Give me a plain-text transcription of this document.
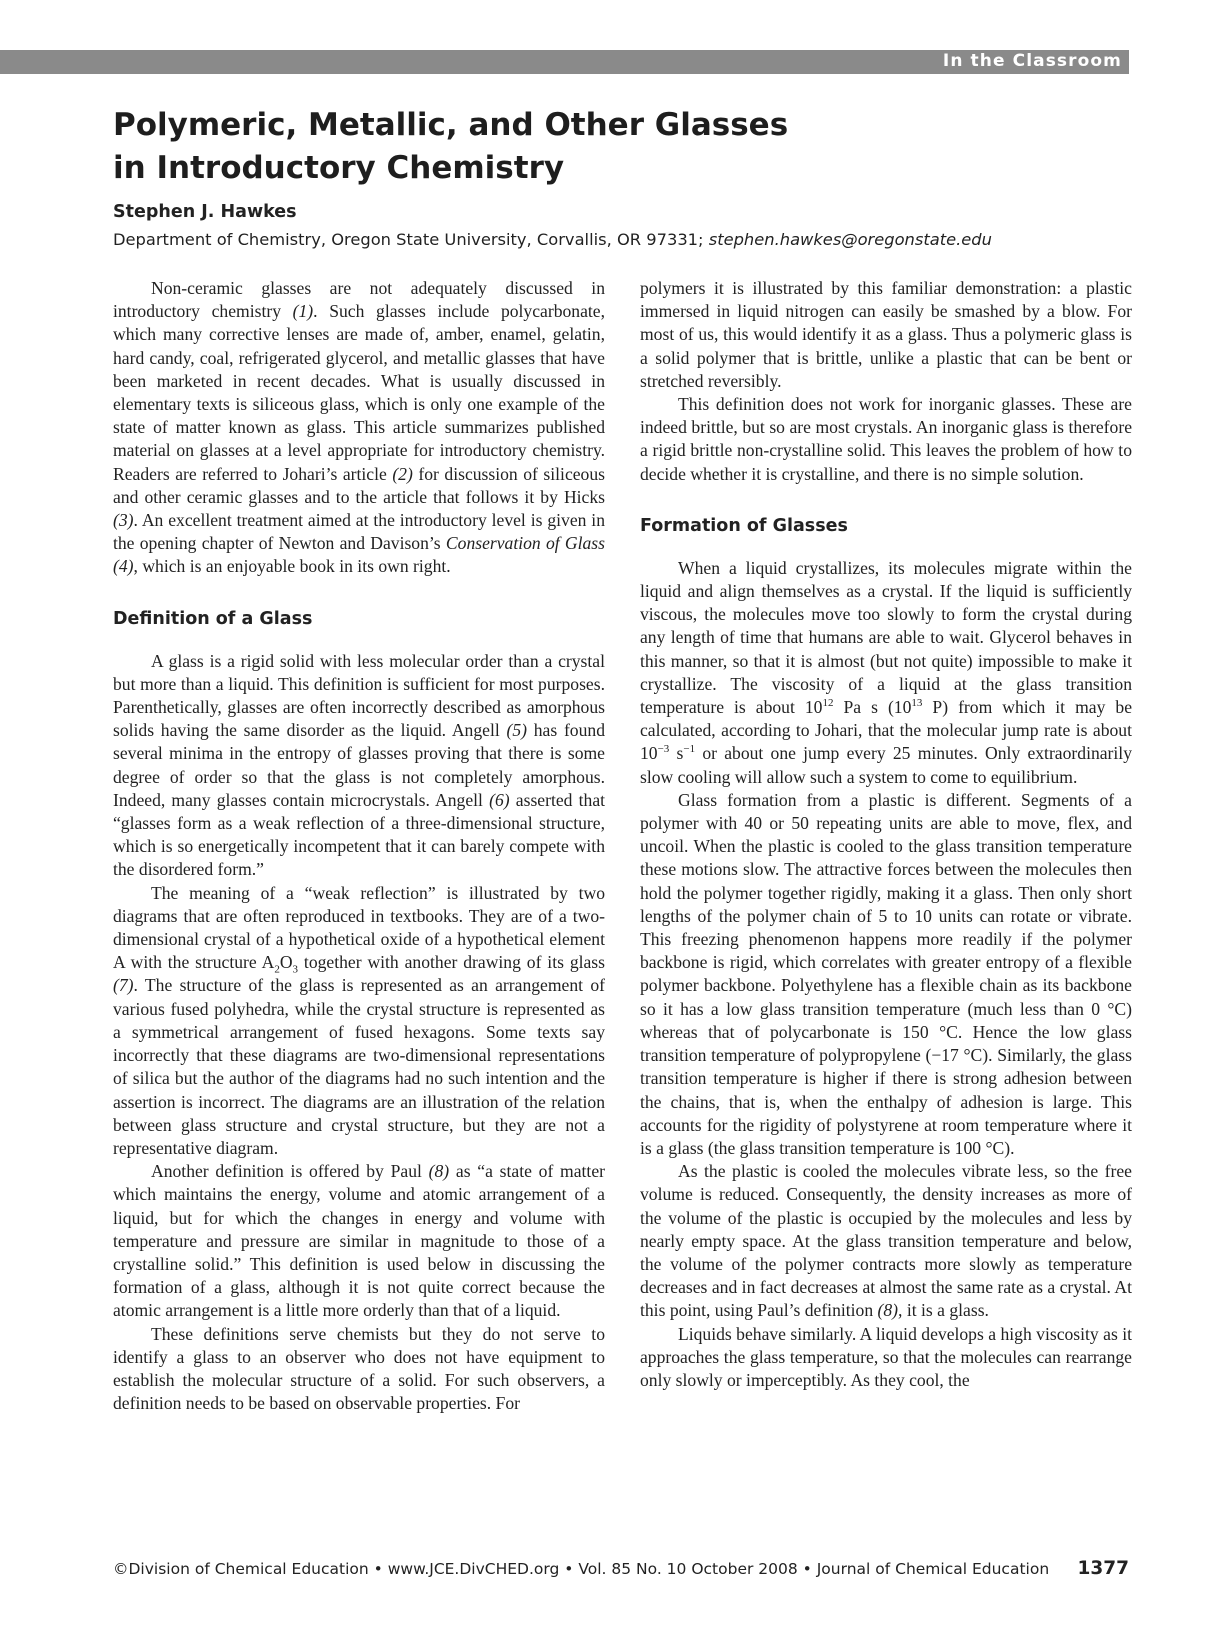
In the Classroom
Polymeric, Metallic, and Other Glasses
in Introductory Chemistry
Stephen J. Hawkes
Department of Chemistry, Oregon State University, Corvallis, OR 97331; stephen.hawkes@oregonstate.edu

Non-ceramic glasses are not adequately discussed in introductory chemistry (1). Such glasses include polycarbonate, which many corrective lenses are made of, amber, enamel, gelatin, hard candy, coal, refrigerated glycerol, and metallic glasses that have been marketed in recent decades. What is usually discussed in elementary texts is siliceous glass, which is only one example of the state of matter known as glass. This article summarizes published material on glasses at a level appropriate for introductory chemistry. Readers are referred to Johari’s article (2) for discussion of siliceous and other ceramic glasses and to the article that follows it by Hicks (3). An excellent treatment aimed at the introductory level is given in the opening chapter of Newton and Davison’s Conservation of Glass (4), which is an enjoyable book in its own right.

Definition of a Glass

A glass is a rigid solid with less molecular order than a crystal but more than a liquid. This definition is sufficient for most purposes. Parenthetically, glasses are often incorrectly described as amorphous solids having the same disorder as the liquid. Angell (5) has found several minima in the entropy of glasses proving that there is some degree of order so that the glass is not completely amorphous. Indeed, many glasses contain microcrystals. Angell (6) asserted that “glasses form as a weak reflection of a three-dimensional structure, which is so energetically incompetent that it can barely compete with the disordered form.”

The meaning of a “weak reflection” is illustrated by two diagrams that are often reproduced in textbooks. They are of a two-dimensional crystal of a hypothetical oxide of a hypothetical element A with the structure $A_2O_3$ together with another drawing of its glass (7). The structure of the glass is represented as an arrangement of various fused polyhedra, while the crystal structure is represented as a symmetrical arrangement of fused hexagons. Some texts say incorrectly that these diagrams are two-dimensional representations of silica but the author of the diagrams had no such intention and the assertion is incorrect. The diagrams are an illustration of the relation between glass structure and crystal structure, but they are not a representative diagram.

Another definition is offered by Paul (8) as “a state of matter which maintains the energy, volume and atomic arrangement of a liquid, but for which the changes in energy and volume with temperature and pressure are similar in magnitude to those of a crystalline solid.” This definition is used below in discussing the formation of a glass, although it is not quite correct because the atomic arrangement is a little more orderly than that of a liquid.

These definitions serve chemists but they do not serve to identify a glass to an observer who does not have equipment to establish the molecular structure of a solid. For such observers, a definition needs to be based on observable properties. For

polymers it is illustrated by this familiar demonstration: a plastic immersed in liquid nitrogen can easily be smashed by a blow. For most of us, this would identify it as a glass. Thus a polymeric glass is a solid polymer that is brittle, unlike a plastic that can be bent or stretched reversibly.

This definition does not work for inorganic glasses. These are indeed brittle, but so are most crystals. An inorganic glass is therefore a rigid brittle non-crystalline solid. This leaves the problem of how to decide whether it is crystalline, and there is no simple solution.

Formation of Glasses

When a liquid crystallizes, its molecules migrate within the liquid and align themselves as a crystal. If the liquid is sufficiently viscous, the molecules move too slowly to form the crystal during any length of time that humans are able to wait. Glycerol behaves in this manner, so that it is almost (but not quite) impossible to make it crystallize. The viscosity of a liquid at the glass transition temperature is about $10^{12}$ Pa s ($10^{13}$ P) from which it may be calculated, according to Johari, that the molecular jump rate is about $10^{-3}$ $s^{-1}$ or about one jump every 25 minutes. Only extraordinarily slow cooling will allow such a system to come to equilibrium.

Glass formation from a plastic is different. Segments of a polymer with 40 or 50 repeating units are able to move, flex, and uncoil. When the plastic is cooled to the glass transition temperature these motions slow. The attractive forces between the molecules then hold the polymer together rigidly, making it a glass. Then only short lengths of the polymer chain of 5 to 10 units can rotate or vibrate. This freezing phenomenon happens more readily if the polymer backbone is rigid, which correlates with greater entropy of a flexible polymer backbone. Polyethylene has a flexible chain as its backbone so it has a low glass transition temperature (much less than 0 °C) whereas that of polycarbonate is 150 °C. Hence the low glass transition temperature of polypropylene (−17 °C). Similarly, the glass transition temperature is higher if there is strong adhesion between the chains, that is, when the enthalpy of adhesion is large. This accounts for the rigidity of polystyrene at room temperature where it is a glass (the glass transition temperature is 100 °C).

As the plastic is cooled the molecules vibrate less, so the free volume is reduced. Consequently, the density increases as more of the volume of the plastic is occupied by the molecules and less by nearly empty space. At the glass transition temperature and below, the volume of the polymer contracts more slowly as temperature decreases and in fact decreases at almost the same rate as a crystal. At this point, using Paul’s definition (8), it is a glass.

Liquids behave similarly. A liquid develops a high viscosity as it approaches the glass temperature, so that the molecules can rearrange only slowly or imperceptibly. As they cool, the

©Division of Chemical Education • www.JCE.DivCHED.org • Vol. 85 No. 10 October 2008 • Journal of Chemical Education 1377
